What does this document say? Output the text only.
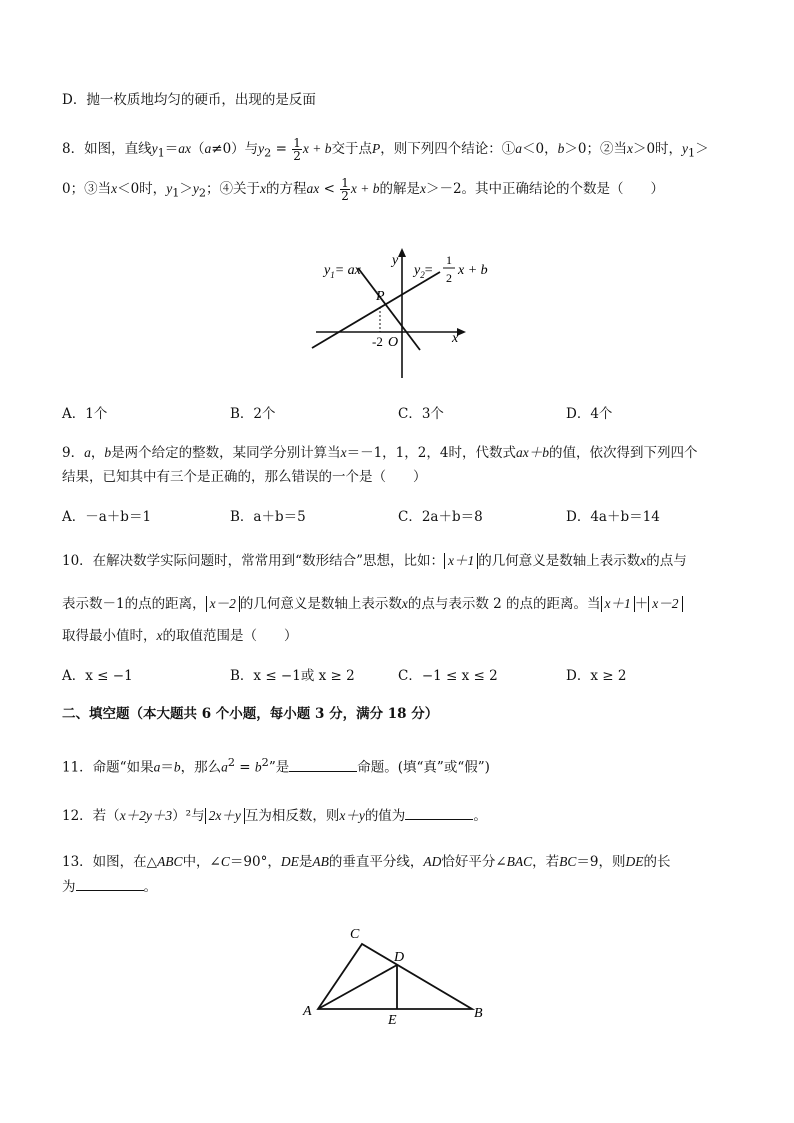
D．抛一枚质地均匀的硬币，出现的是反面
8．如图，直线$y_1=ax(a\ne 0)$与$y_2 = \frac{1}{2}$ x + b交于点P，则下列四个结论：①a＜0，b＞0；②当x＞0时，$y_1>$
0；③当x＜0时，$y_1>y_2$；④关于x的方程ax < $\frac{1}{2}$ x + b的解是x＞－2。其中正确结论的个数是（　　）
P
-2 O
y
x
$y_1=$ ax	$y_2=$
1
2 x + b
A．1个	B．2个	C．3个	D．4个
9．a，b是两个给定的整数，某同学分别计算当x＝－1，1，2，4时，代数式ax＋b的值，依次得到下列四个
结果，已知其中有三个是正确的，那么错误的一个是（　　）
A．－a＋b＝1	B．a＋b＝5	C．2a＋b＝8	D．4a＋b＝14
10．在解决数学实际问题时，常常用到“数形结合”思想，比如： x＋1 的几何意义是数轴上表示数x的点与
表示数－1的点的距离， x－2 的几何意义是数轴上表示数x的点与表示数 2 的点的距离。当 x＋1 ＋ x－2
取得最小值时，x的取值范围是（　　）
A．x ≤ −1	B．x ≤ −1或 x ≥ 2	C．−1 ≤ x ≤ 2	D．x ≥ 2
二、填空题（本大题共 6 个小题，每小题 3 分，满分 18 分）
11．命题“如果a＝b，那么$a^2 = b^2$”是	命题。(填“真”或“假”)
12．若（x＋2y＋3）²与 2x＋y 互为相反数，则x＋y的值为	。
13．如图，在△ABC中，∠C＝90°，DE是AB的垂直平分线，AD恰好平分∠BAC，若BC＝9，则DE的长
为	。
C
D
A	B
E
